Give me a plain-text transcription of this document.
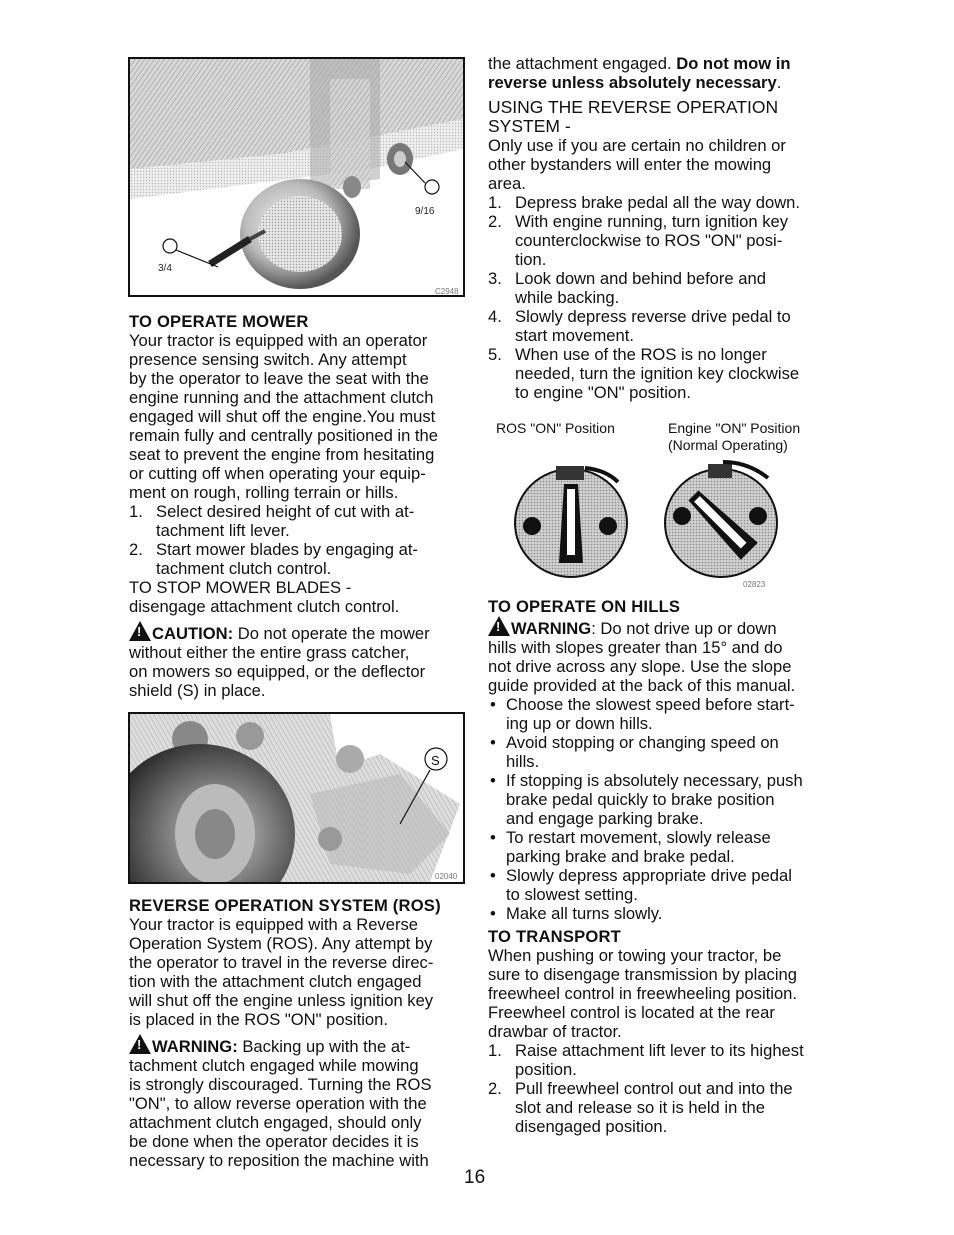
9/16
3/4
C2948

TO OPERATE MOWER

Your tractor is equipped with an operator

presence sensing switch. Any attempt

by the operator to leave the seat with the

engine running and the attachment clutch

engaged will shut off the engine.You must

remain fully and centrally positioned in the

seat to prevent the engine from hesitating

or cutting off when operating your equip-

ment on rough, rolling terrain or hills.

1. Select desired height of cut with at-
tachment lift lever.
2. Start mower blades by engaging at-
tachment clutch control.

TO STOP MOWER BLADES -

disengage attachment clutch control.

!CAUTION: Do not operate the mower

without either the entire grass catcher,

on mowers so equipped, or the deflector

shield (S) in place.

S
02040

REVERSE OPERATION SYSTEM (ROS)

Your tractor is equipped with a Reverse

Operation System (ROS). Any attempt by

the operator to travel in the reverse direc-

tion with the attachment clutch engaged

will shut off the engine unless ignition key

is placed in the ROS "ON" position.

!WARNING: Backing up with the at-

tachment clutch engaged while mowing

is strongly discouraged. Turning the ROS

"ON", to allow reverse operation with the

attachment clutch engaged, should only

be done when the operator decides it is

necessary to reposition the machine with

the attachment engaged. Do not mow in

reverse unless absolutely necessary.

USING THE REVERSE OPERATION

SYSTEM -

Only use if you are certain no children or

other bystanders will enter the mowing

area.

1. Depress brake pedal all the way down.
2. With engine running, turn ignition key
counterclockwise to ROS "ON" posi-
tion.
3. Look down and behind before and
while backing.
4. Slowly depress reverse drive pedal to
start movement.
5. When use of the ROS is no longer
needed, turn the ignition key clockwise
to engine "ON" position.
ROS "ON" Position	Engine "ON" Position
(Normal Operating)
02823

TO OPERATE ON HILLS

!WARNING: Do not drive up or down

hills with slopes greater than 15° and do

not drive across any slope. Use the slope

guide provided at the back of this manual.

• Choose the slowest speed before start-
ing up or down hills.
• Avoid stopping or changing speed on
hills.
• If stopping is absolutely necessary, push
brake pedal quickly to brake position
and engage parking brake.
• To restart movement, slowly release
parking brake and brake pedal.
• Slowly depress appropriate drive pedal
to slowest setting.
• Make all turns slowly.

TO TRANSPORT

When pushing or towing your tractor, be

sure to disengage transmission by placing

freewheel control in freewheeling position.

Freewheel control is located at the rear

drawbar of tractor.

1. Raise attachment lift lever to its highest
position.
2. Pull freewheel control out and into the
slot and release so it is held in the
disengaged position.
16
